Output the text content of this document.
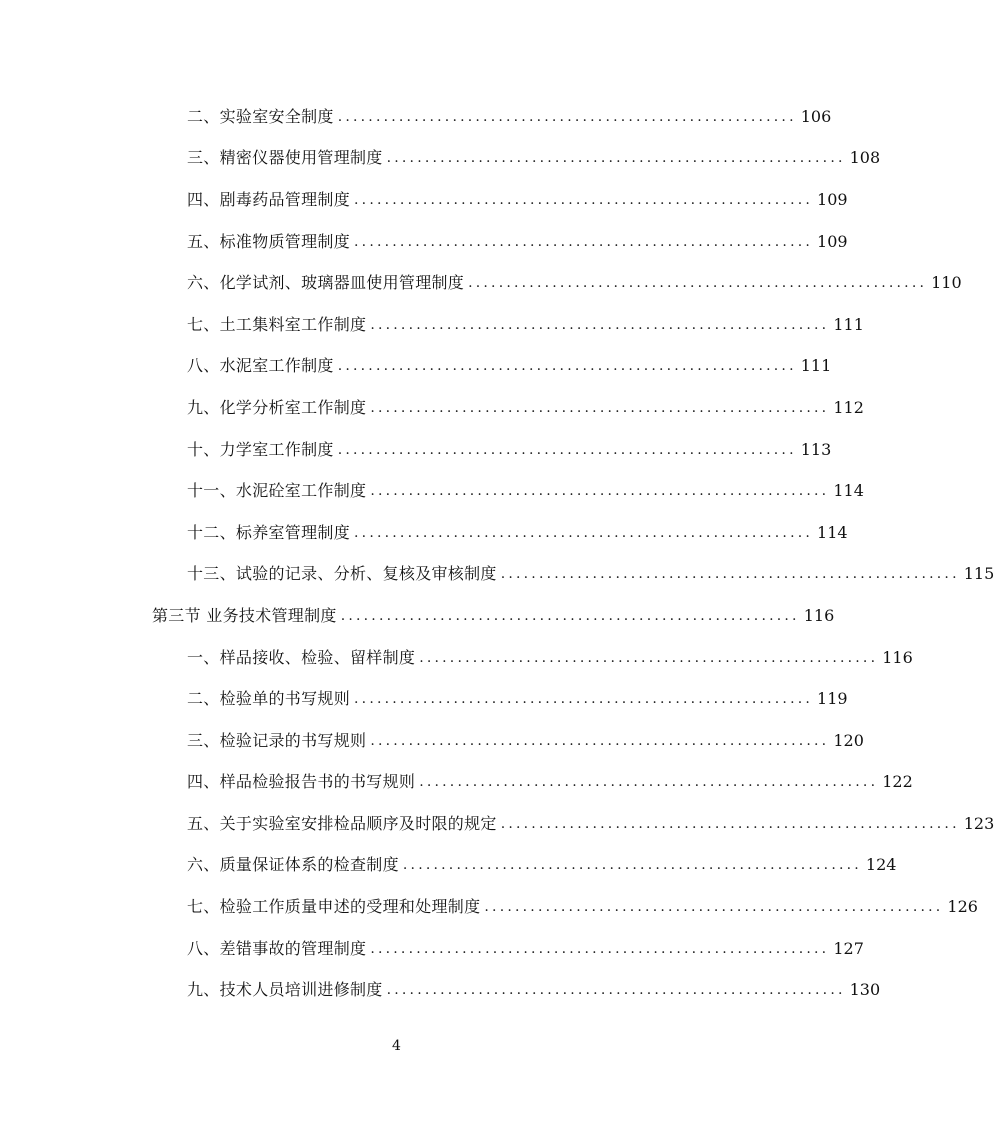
二、实验室安全制度 ............................................................ 106
三、精密仪器使用管理制度 ............................................................ 108
四、剧毒药品管理制度 ............................................................ 109
五、标准物质管理制度 ............................................................ 109
六、化学试剂、玻璃器皿使用管理制度 ............................................................ 110
七、土工集料室工作制度 ............................................................ 111
八、水泥室工作制度 ............................................................ 111
九、化学分析室工作制度 ............................................................ 112
十、力学室工作制度 ............................................................ 113
十一、水泥砼室工作制度 ............................................................ 114
十二、标养室管理制度 ............................................................ 114
十三、试验的记录、分析、复核及审核制度 ............................................................ 115
第三节 业务技术管理制度 ............................................................ 116
一、样品接收、检验、留样制度 ............................................................ 116
二、检验单的书写规则 ............................................................ 119
三、检验记录的书写规则 ............................................................ 120
四、样品检验报告书的书写规则 ............................................................ 122
五、关于实验室安排检品顺序及时限的规定 ............................................................ 123
六、质量保证体系的检查制度 ............................................................ 124
七、检验工作质量申述的受理和处理制度 ............................................................ 126
八、差错事故的管理制度 ............................................................ 127
九、技术人员培训进修制度 ............................................................ 130
4
